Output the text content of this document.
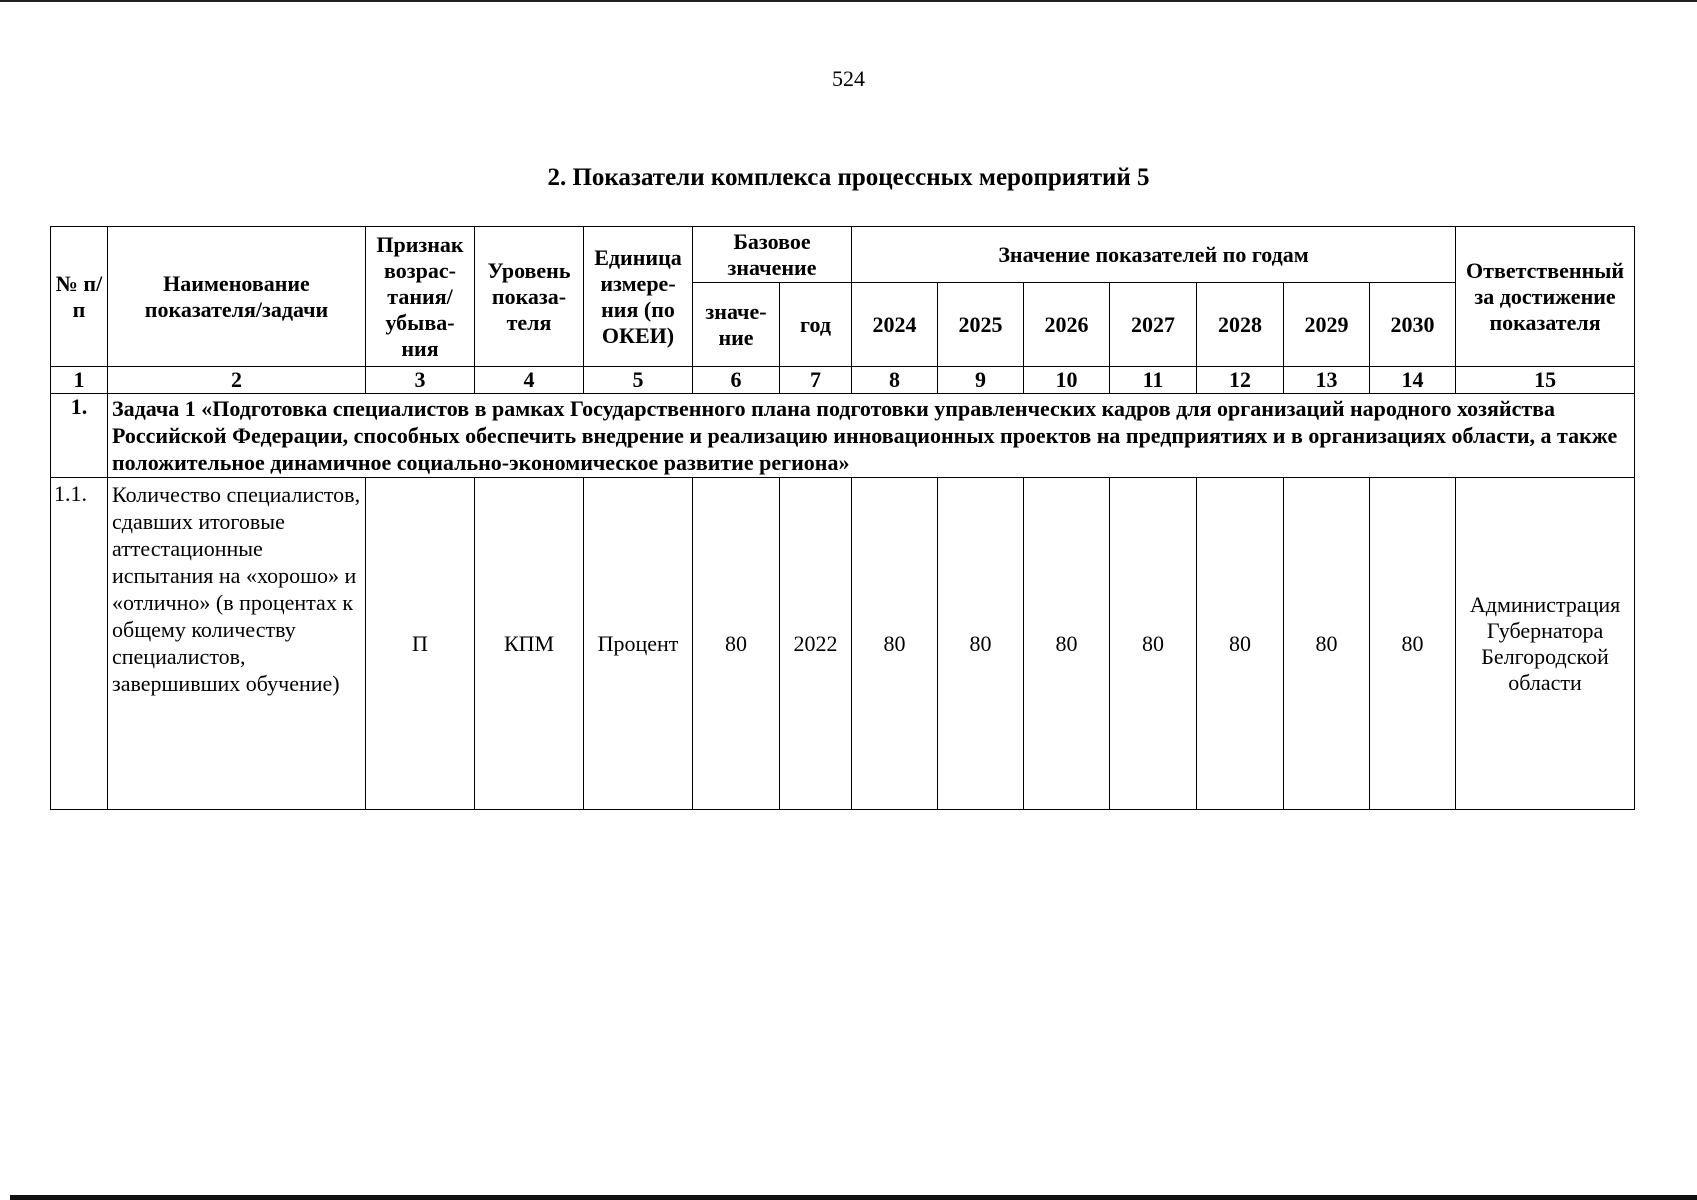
524
2. Показатели комплекса процессных мероприятий 5
№ п/п	Наименование показателя/задачи	Признак возрас-тания/ убыва-ния	Уровень показа-теля	Единица измере-ния (по ОКЕИ)	Базовое значение		Значение показателей по годам							Ответственный за достижение показателя
					значе-ние	год	2024	2025	2026	2027	2028	2029	2030	
1	2	3	4	5	6	7	8	9	10	11	12	13	14	15
1.	Задача 1 «Подготовка специалистов в рамках Государственного плана подготовки управленческих кадров для организаций народного хозяйства Российской Федерации, способных обеспечить внедрение и реализацию инновационных проектов на предприятиях и в организациях области, а также положительное динамичное социально-экономическое развитие региона»													
1.1.	Количество специалистов, сдавших итоговые аттестационные испытания на «хорошо» и «отлично» (в процентах к общему количеству специалистов, завершивших обучение)	П	КПМ	Процент	80	2022	80	80	80	80	80	80	80	Администрация Губернатора Белгородской области
